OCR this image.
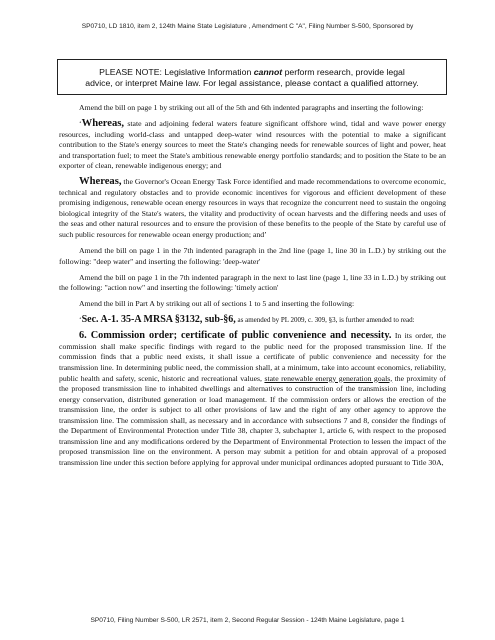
SP0710, LD 1810, item 2, 124th Maine State Legislature , Amendment C "A", Filing Number S-500, Sponsored by
PLEASE NOTE: Legislative Information cannot perform research, provide legal
advice, or interpret Maine law. For legal assistance, please contact a qualified attorney.

Amend the bill on page 1 by striking out all of the 5th and 6th indented paragraphs and inserting the following:

‘Whereas, state and adjoining federal waters feature significant offshore wind, tidal and wave power energy resources, including world-class and untapped deep-water wind resources with the potential to make a significant contribution to the State's energy sources to meet the State's changing needs for renewable sources of light and power, heat and transportation fuel; to meet the State's ambitious renewable energy portfolio standards; and to position the State to be an exporter of clean, renewable indigenous energy; and

Whereas, the Governor's Ocean Energy Task Force identified and made recommendations to overcome economic, technical and regulatory obstacles and to provide economic incentives for vigorous and efficient development of these promising indigenous, renewable ocean energy resources in ways that recognize the concurrent need to sustain the ongoing biological integrity of the State's waters, the vitality and productivity of ocean harvests and the differing needs and uses of the seas and other natural resources and to ensure the provision of these benefits to the people of the State by careful use of such public resources for renewable ocean energy production; and’

Amend the bill on page 1 in the 7th indented paragraph in the 2nd line (page 1, line 30 in L.D.) by striking out the following: "deep water" and inserting the following: 'deep-water'

Amend the bill on page 1 in the 7th indented paragraph in the next to last line (page 1, line 33 in L.D.) by striking out the following: "action now" and inserting the following: 'timely action'

Amend the bill in Part A by striking out all of sections 1 to 5 and inserting the following:

‘Sec. A-1. 35-A MRSA §3132, sub-§6, as amended by PL 2009, c. 309, §3, is further amended to read:

6. Commission order; certificate of public convenience and necessity. In its order, the commission shall make specific findings with regard to the public need for the proposed transmission line. If the commission finds that a public need exists, it shall issue a certificate of public convenience and necessity for the transmission line. In determining public need, the commission shall, at a minimum, take into account economics, reliability, public health and safety, scenic, historic and recreational values, state renewable energy generation goals, the proximity of the proposed transmission line to inhabited dwellings and alternatives to construction of the transmission line, including energy conservation, distributed generation or load management. If the commission orders or allows the erection of the transmission line, the order is subject to all other provisions of law and the right of any other agency to approve the transmission line. The commission shall, as necessary and in accordance with subsections 7 and 8, consider the findings of the Department of Environmental Protection under Title 38, chapter 3, subchapter 1, article 6, with respect to the proposed transmission line and any modifications ordered by the Department of Environmental Protection to lessen the impact of the proposed transmission line on the environment. A person may submit a petition for and obtain approval of a proposed transmission line under this section before applying for approval under municipal ordinances adopted pursuant to Title 30A,

SP0710, Filing Number S-500, LR 2571, item 2, Second Regular Session - 124th Maine Legislature, page 1
